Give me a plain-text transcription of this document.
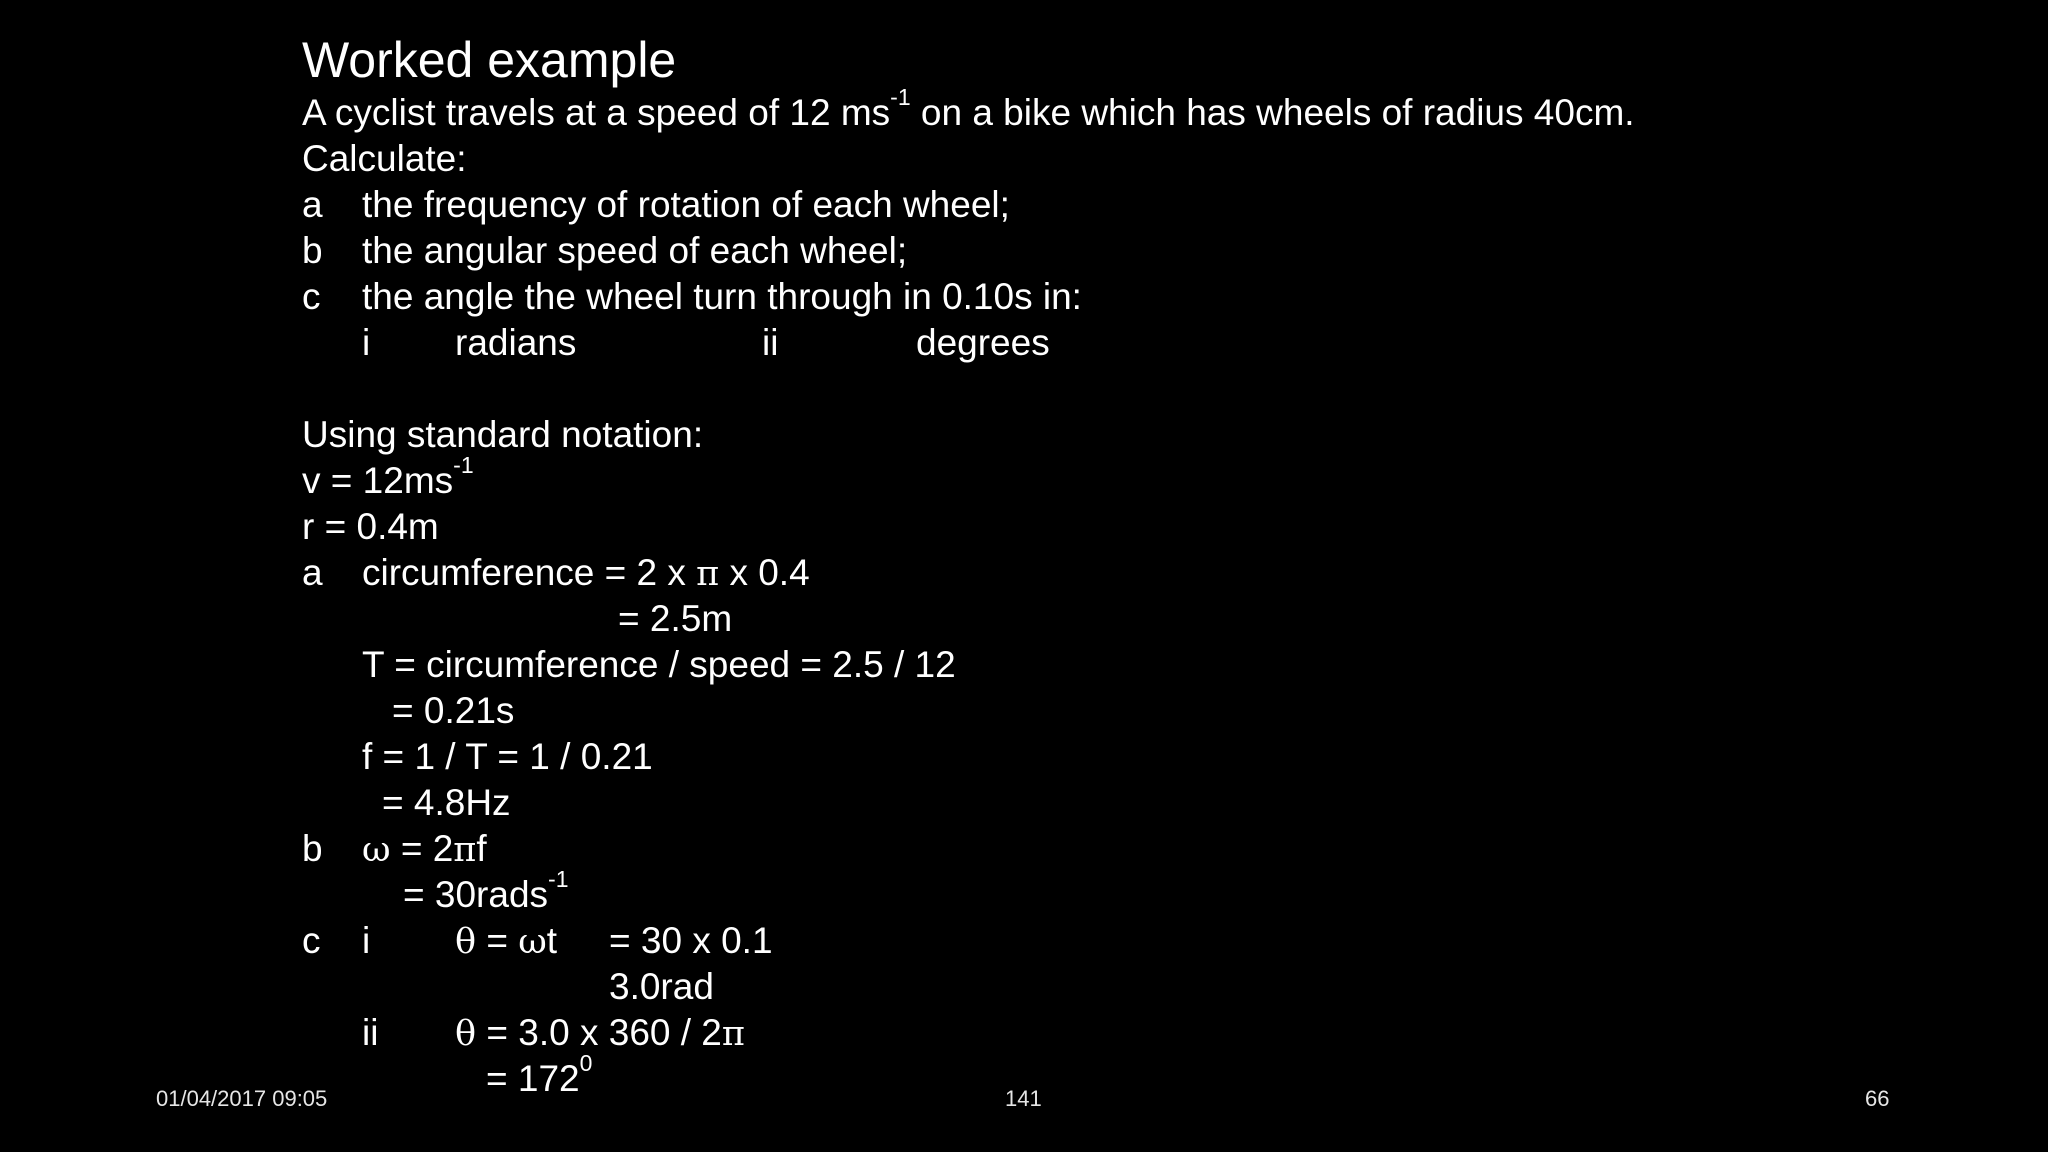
Worked example
A cyclist travels at a speed of 12 $ms^{-1}$ on a bike which has wheels of radius 40cm.
Calculate:
a the frequency of rotation of each wheel;
b the angular speed of each wheel;
c the angle the wheel turn through in 0.10s in:
i radians	ii	degrees
Using standard notation:
$v = 12ms^{-1}$
r = 0.4m
a circumference = 2 x π x 0.4
= 2.5m
T = circumference / speed = 2.5 / 12
= 0.21s
f = 1 / T = 1 / 0.21
= 4.8Hz
b ω = 2πf
= 30rads$^{-1}$
c i θ = ωt = 30 x 0.1
3.0rad
ii θ = 3.0 x 360 / 2π
= $172^0$
01/04/2017 09:05	141	66
